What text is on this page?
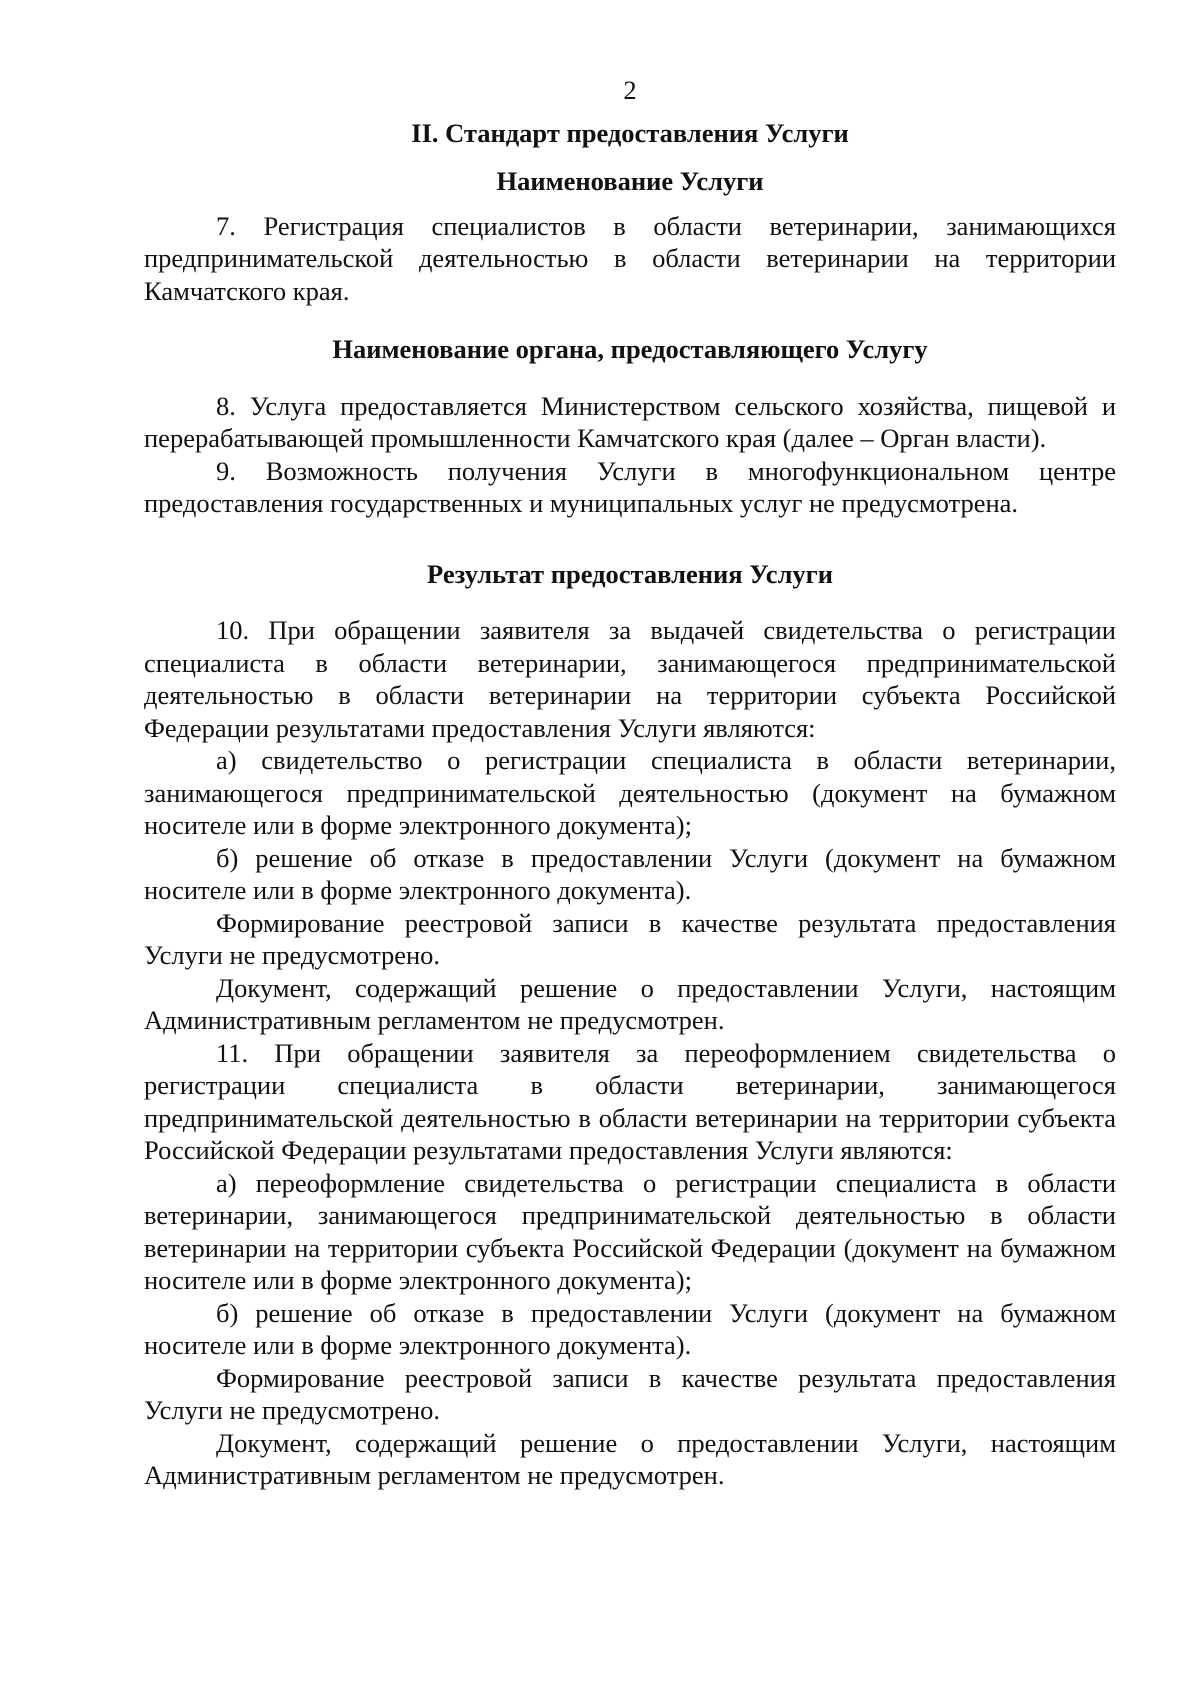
2
II. Стандарт предоставления Услуги
Наименование Услуги

7. Регистрация специалистов в области ветеринарии, занимающихся предпринимательской деятельностью в области ветеринарии на территории Камчатского края.

Наименование органа, предоставляющего Услугу

8. Услуга предоставляется Министерством сельского хозяйства, пищевой и перерабатывающей промышленности Камчатского края (далее – Орган власти).

9. Возможность получения Услуги в многофункциональном центре предоставления государственных и муниципальных услуг не предусмотрена.

Результат предоставления Услуги

10. При обращении заявителя за выдачей свидетельства о регистрации специалиста в области ветеринарии, занимающегося предпринимательской деятельностью в области ветеринарии на территории субъекта Российской Федерации результатами предоставления Услуги являются:

а) свидетельство о регистрации специалиста в области ветеринарии, занимающегося предпринимательской деятельностью (документ на бумажном носителе или в форме электронного документа);

б) решение об отказе в предоставлении Услуги (документ на бумажном носителе или в форме электронного документа).

Формирование реестровой записи в качестве результата предоставления Услуги не предусмотрено.

Документ, содержащий решение о предоставлении Услуги, настоящим Административным регламентом не предусмотрен.

11. При обращении заявителя за переоформлением свидетельства о регистрации специалиста в области ветеринарии, занимающегося предпринимательской деятельностью в области ветеринарии на территории субъекта Российской Федерации результатами предоставления Услуги являются:

а) переоформление свидетельства о регистрации специалиста в области ветеринарии, занимающегося предпринимательской деятельностью в области ветеринарии на территории субъекта Российской Федерации (документ на бумажном носителе или в форме электронного документа);

б) решение об отказе в предоставлении Услуги (документ на бумажном носителе или в форме электронного документа).

Формирование реестровой записи в качестве результата предоставления Услуги не предусмотрено.

Документ, содержащий решение о предоставлении Услуги, настоящим Административным регламентом не предусмотрен.
